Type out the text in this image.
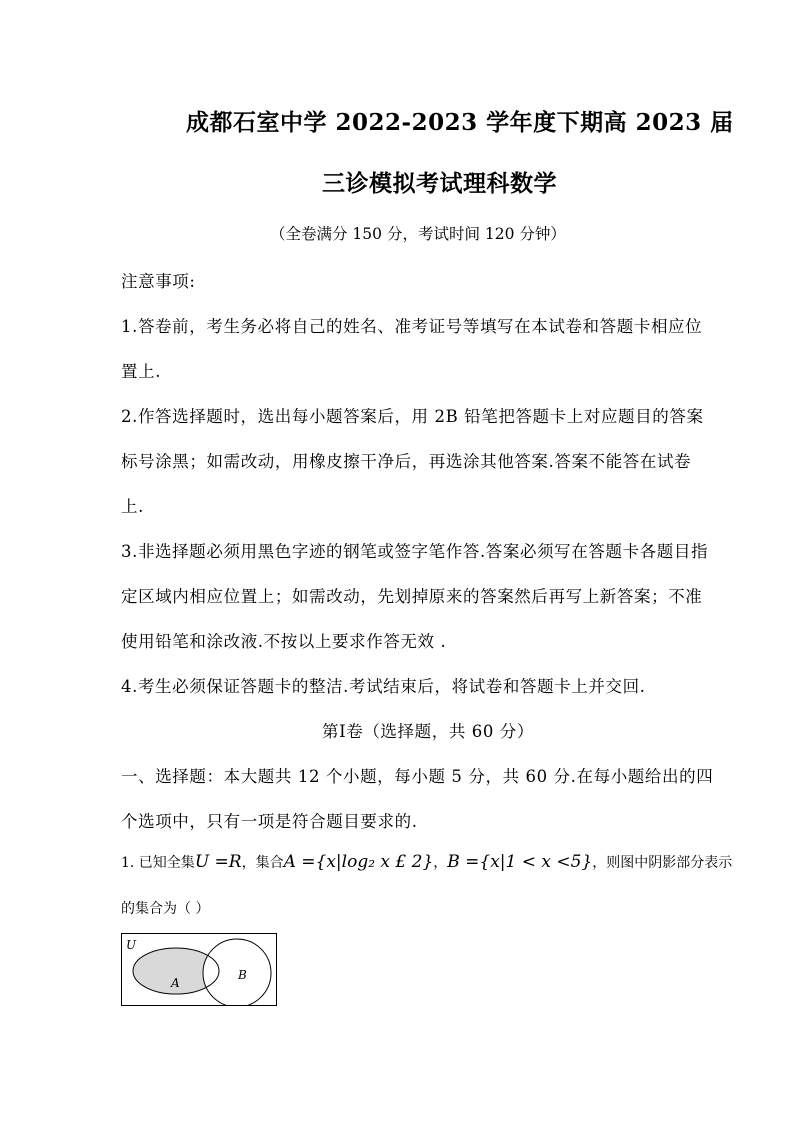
成都石室中学 2022-2023 学年度下期高 2023 届
三诊模拟考试理科数学
（全卷满分 150 分，考试时间 120 分钟）
注意事项:
1.答卷前，考生务必将自己的姓名、准考证号等填写在本试卷和答题卡相应位
置上.
2.作答选择题时，选出每小题答案后，用 2B 铅笔把答题卡上对应题目的答案
标号涂黑；如需改动，用橡皮擦干净后，再选涂其他答案.答案不能答在试卷
上.
3.非选择题必须用黑色字迹的钢笔或签字笔作答.答案必须写在答题卡各题目指
定区域内相应位置上；如需改动，先划掉原来的答案然后再写上新答案；不准
使用铅笔和涂改液.不按以上要求作答无效 .
4.考生必须保证答题卡的整洁.考试结束后，将试卷和答题卡上并交回.
第Ⅰ卷（选择题，共 60 分）
一、选择题：本大题共 12 个小题，每小题 5 分，共 60 分.在每小题给出的四
个选项中，只有一项是符合题目要求的.
1. 已知全集U =R，集合A ={x|log₂ x £ 2}，B ={x|1 < x <5}，则图中阴影部分表示
的集合为（ ）
U
A
B
